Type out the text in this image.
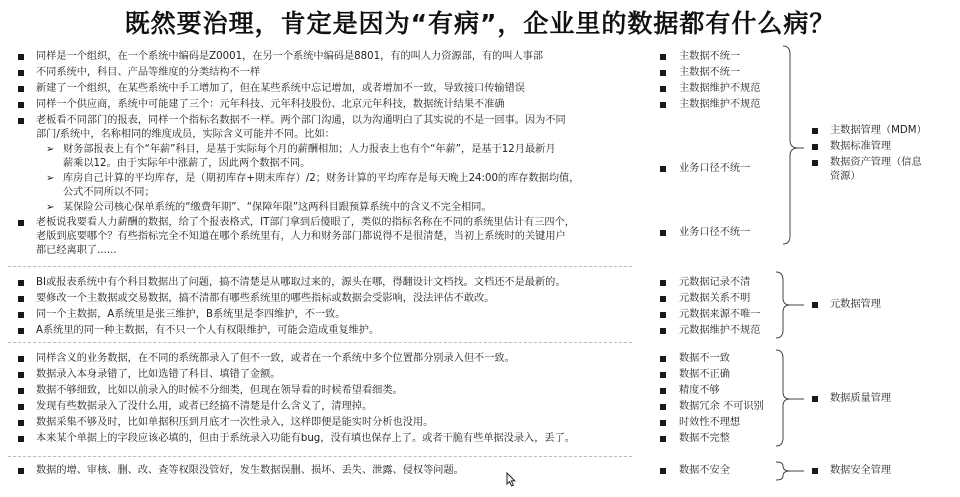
既然要治理，肯定是因为“有病”，企业里的数据都有什么病？
同样是一个组织，在一个系统中编码是Z0001，在另一个系统中编码是8801，有的叫人力资源部，有的叫人事部
不同系统中，科目、产品等维度的分类结构不一样
新建了一个组织，在某些系统中手工增加了，但在某些系统中忘记增加，或者增加不一致，导致接口传输错误
同样一个供应商，系统中可能建了三个：元年科技、元年科技股份、北京元年科技，数据统计结果不准确
老板看不同部门的报表，同样一个指标名数据不一样。两个部门沟通，以为沟通明白了其实说的不是一回事。因为不同
部门/系统中，名称相同的维度成员，实际含义可能并不同。比如：
➢ 财务部报表上有个“年薪”科目，是基于实际每个月的薪酬相加；人力报表上也有个“年薪”，是基于12月最新月
薪乘以12。由于实际年中涨薪了，因此两个数据不同。
➢ 库房自己计算的平均库存，是（期初库存+期末库存）/2；财务计算的平均库存是每天晚上24:00的库存数据均值，
公式不同所以不同；
➢ 某保险公司核心保单系统的“缴费年期”、“保障年限”这两科目跟预算系统中的含义不完全相同。
老板说我要看人力薪酬的数据，给了个报表格式，IT部门拿到后傻眼了，类似的指标名称在不同的系统里估计有三四个，
老版到底要哪个？有些指标完全不知道在哪个系统里有，人力和财务部门都说得不是很清楚，当初上系统时的关键用户
都已经离职了......
主数据不统一
主数据不统一
主数据维护不规范
主数据维护不规范
业务口径不统一
业务口径不统一
主数据管理（MDM）
数据标准管理
数据资产管理（信息
资源）
BI或报表系统中有个科目数据出了问题，搞不清楚是从哪取过来的，源头在哪，得翻设计文档找。文档还不是最新的。
要修改一个主数据或交易数据，搞不清都有哪些系统里的哪些指标或数据会受影响，没法评估不敢改。
同一个主数据，A系统里是张三维护，B系统里是李四维护，不一致。
A系统里的同一种主数据，有不只一个人有权限维护，可能会造成重复维护。
元数据记录不清
元数据关系不明
元数据来源不唯一
元数据维护不规范
元数据管理
同样含义的业务数据，在不同的系统都录入了但不一致，或者在一个系统中多个位置都分别录入但不一致。
数据录入本身录错了，比如选错了科目、填错了金额。
数据不够细致，比如以前录入的时候不分细类，但现在领导看的时候希望看细类。
发现有些数据录入了没什么用，或者已经搞不清楚是什么含义了，清理掉。
数据采集不够及时，比如单据积压到月底才一次性录入，这样即便是能实时分析也没用。
本来某个单据上的字段应该必填的，但由于系统录入功能有bug，没有填也保存上了。或者干脆有些单据没录入，丢了。
数据不一致
数据不正确
精度不够
数据冗余 不可识别
时效性不理想
数据不完整
数据质量管理
数据的增、审核、删、改、查等权限没管好，发生数据误删、损坏、丢失、泄露、侵权等问题。	数据不安全	数据安全管理
